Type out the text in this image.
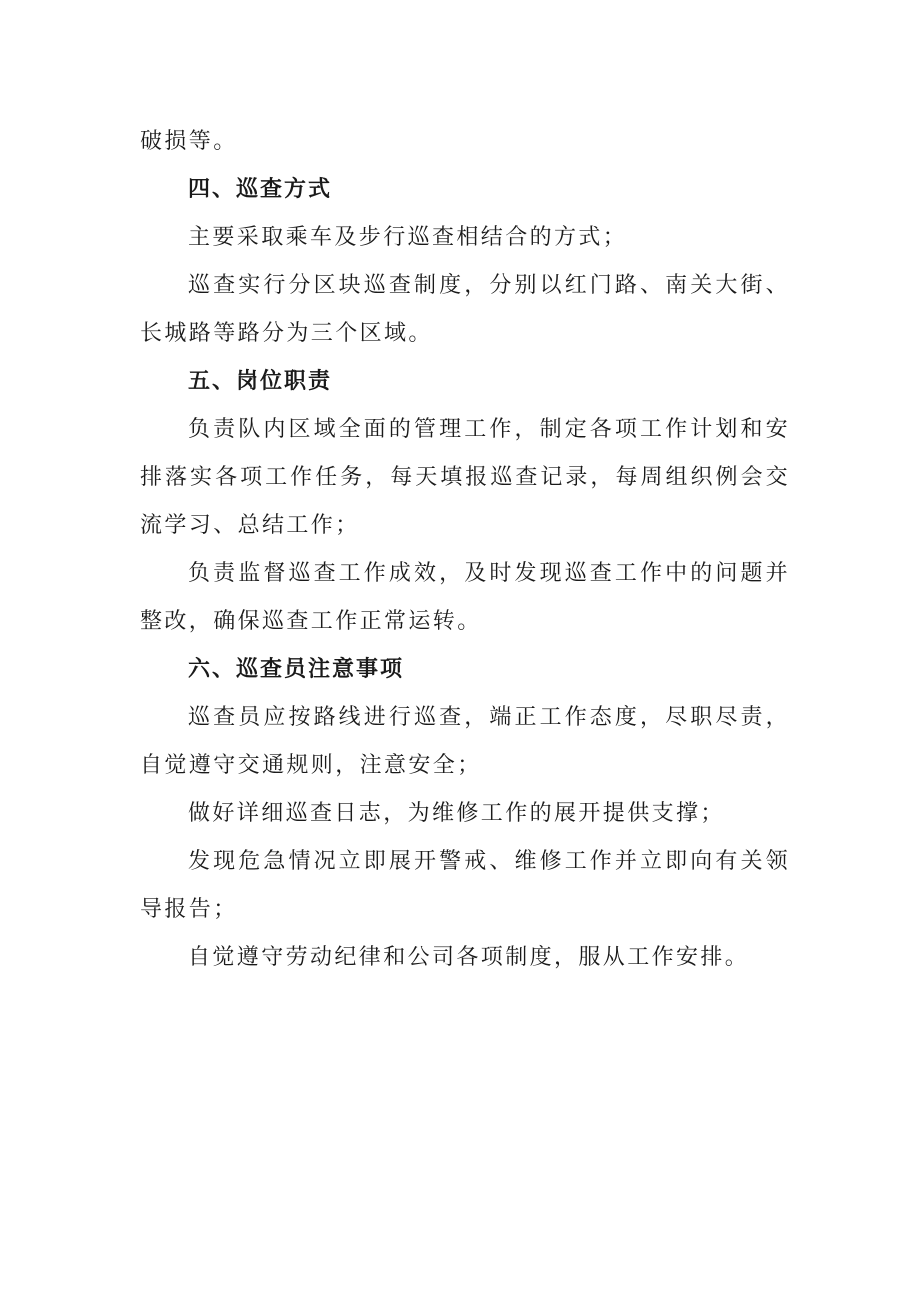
破损等。

四、巡查方式

主要采取乘车及步行巡查相结合的方式；

巡查实行分区块巡查制度，分别以红门路、南关大街、长城路等路分为三个区域。

五、岗位职责

负责队内区域全面的管理工作，制定各项工作计划和安排落实各项工作任务，每天填报巡查记录，每周组织例会交流学习、总结工作；

负责监督巡查工作成效，及时发现巡查工作中的问题并整改，确保巡查工作正常运转。

六、巡查员注意事项

巡查员应按路线进行巡查，端正工作态度，尽职尽责，自觉遵守交通规则，注意安全；

做好详细巡查日志，为维修工作的展开提供支撑；

发现危急情况立即展开警戒、维修工作并立即向有关领导报告；

自觉遵守劳动纪律和公司各项制度，服从工作安排。
